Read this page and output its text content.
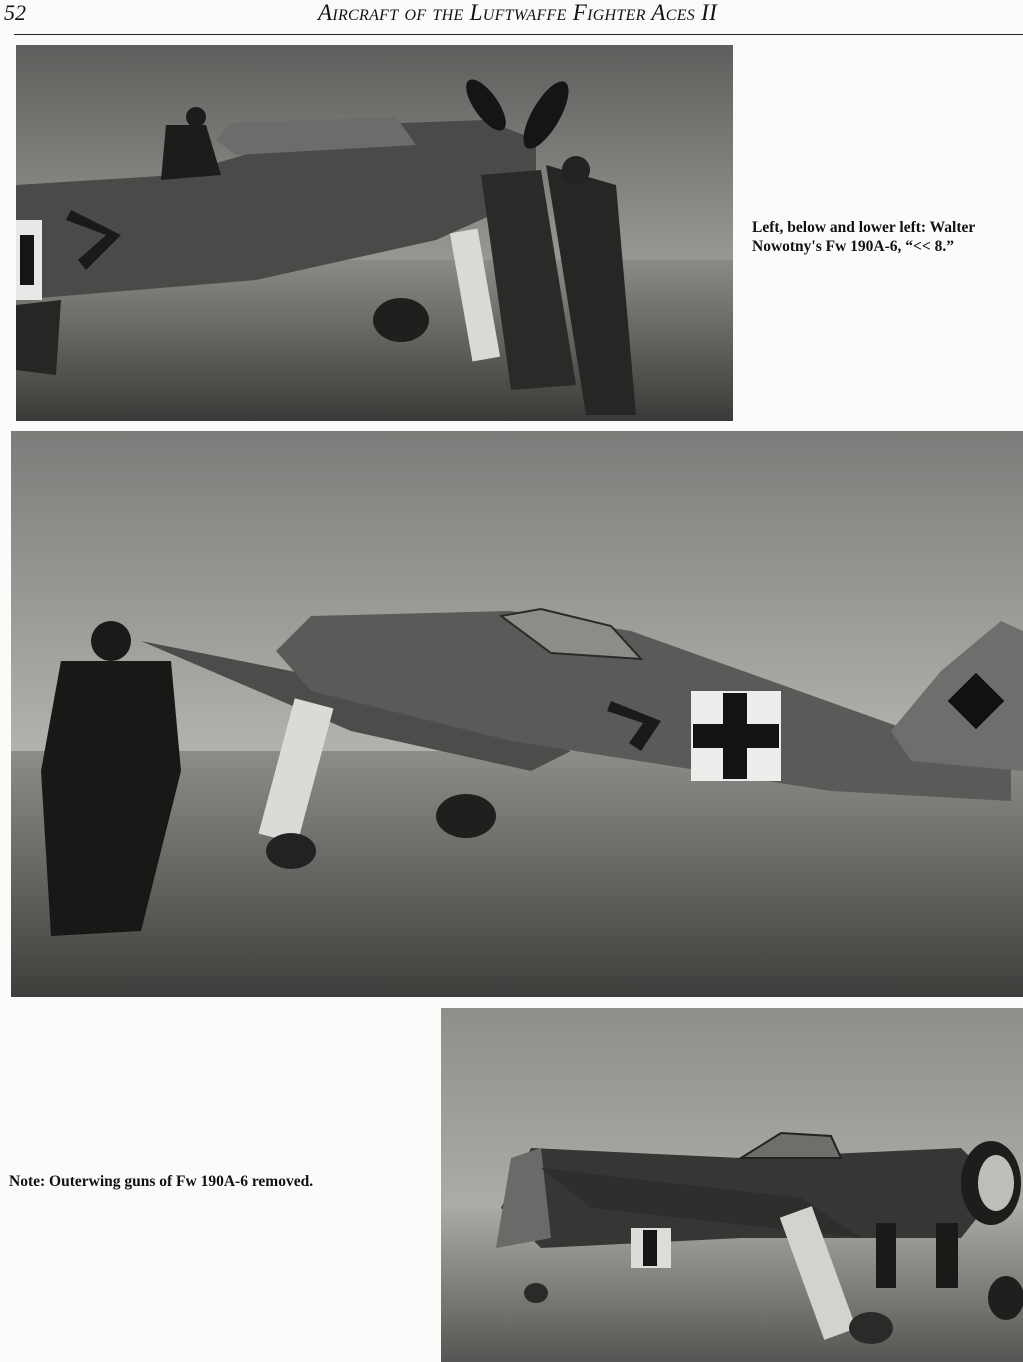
52	Aircraft of the Luftwaffe Fighter Aces II
Left, below and lower left: Walter Nowotny's Fw 190A-6, “<< 8.”
Note: Outerwing guns of Fw 190A-6 removed.
